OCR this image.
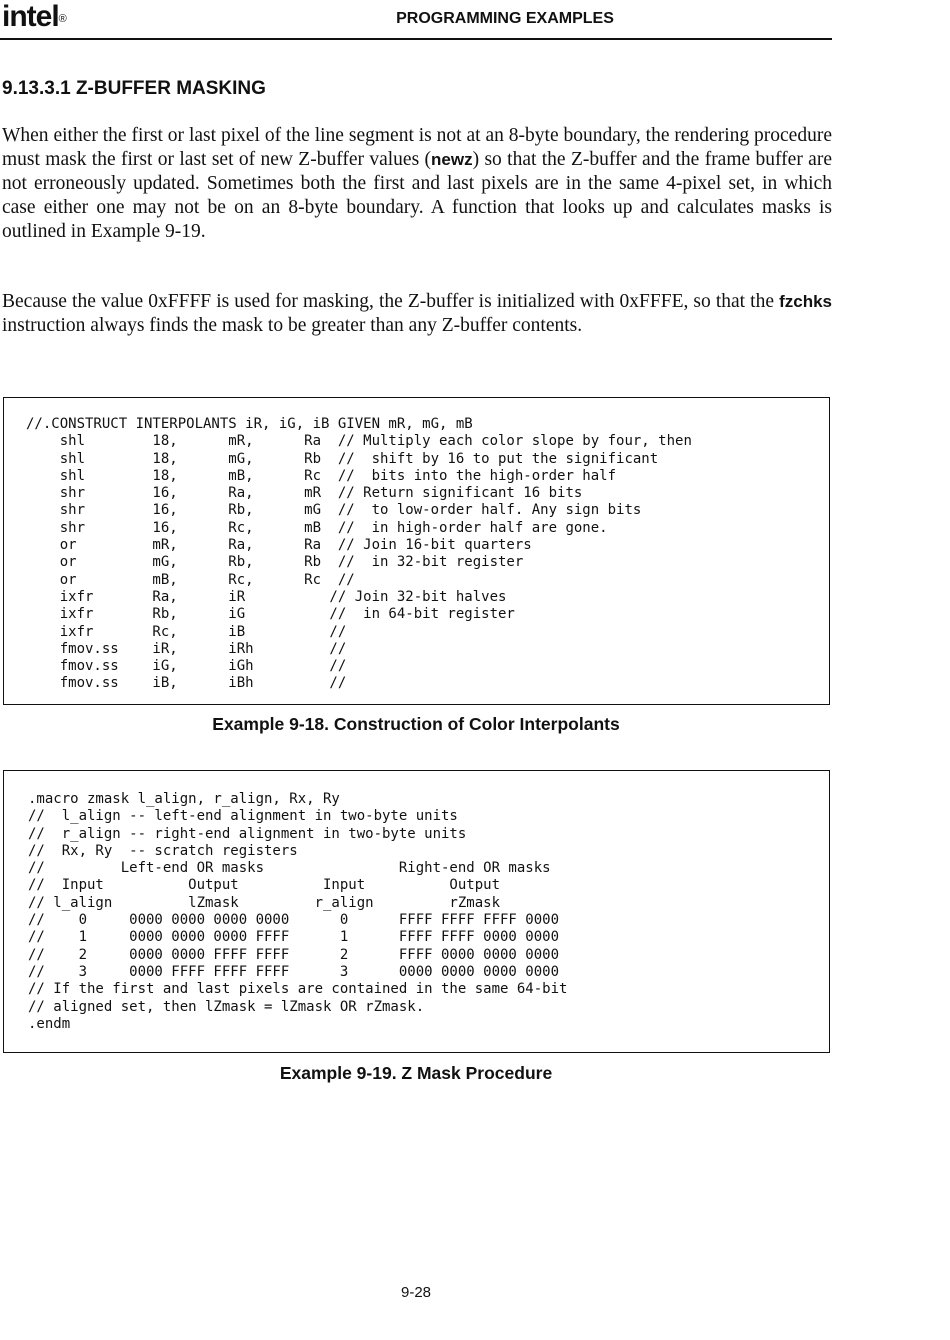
intel®	PROGRAMMING EXAMPLES
9.13.3.1 Z-BUFFER MASKING

When either the first or last pixel of the line segment is not at an 8-byte boundary, the rendering procedure must mask the first or last set of new Z-buffer values (newz) so that the Z-buffer and the frame buffer are not erroneously updated. Sometimes both the first and last pixels are in the same 4-pixel set, in which case either one may not be on an 8-byte boundary. A function that looks up and calculates masks is outlined in Example 9-19.

Because the value 0xFFFF is used for masking, the Z-buffer is initialized with 0xFFFE, so that the fzchks instruction always finds the mask to be greater than any Z-buffer contents.

//.CONSTRUCT INTERPOLANTS iR, iG, iB GIVEN mR, mG, mB
shl        18,      mR,      Ra  // Multiply each color slope by four, then
shl        18,      mG,      Rb  //  shift by 16 to put the significant
shl        18,      mB,      Rc  //  bits into the high-order half
shr        16,      Ra,      mR  // Return significant 16 bits
shr        16,      Rb,      mG  //  to low-order half. Any sign bits
shr        16,      Rc,      mB  //  in high-order half are gone.
or         mR,      Ra,      Ra  // Join 16-bit quarters
or         mG,      Rb,      Rb  //  in 32-bit register
or         mB,      Rc,      Rc  //
ixfr       Ra,      iR          // Join 32-bit halves
ixfr       Rb,      iG          //  in 64-bit register
ixfr       Rc,      iB          //
fmov.ss    iR,      iRh         //
fmov.ss    iG,      iGh         //
fmov.ss    iB,      iBh         //
Example 9-18. Construction of Color Interpolants
.macro zmask l_align, r_align, Rx, Ry
//  l_align -- left-end alignment in two-byte units
//  r_align -- right-end alignment in two-byte units
//  Rx, Ry  -- scratch registers
//         Left-end OR masks                Right-end OR masks
//  Input          Output          Input          Output
// l_align         lZmask         r_align         rZmask
//    0     0000 0000 0000 0000      0      FFFF FFFF FFFF 0000
//    1     0000 0000 0000 FFFF      1      FFFF FFFF 0000 0000
//    2     0000 0000 FFFF FFFF      2      FFFF 0000 0000 0000
//    3     0000 FFFF FFFF FFFF      3      0000 0000 0000 0000
// If the first and last pixels are contained in the same 64-bit
// aligned set, then lZmask = lZmask OR rZmask.
.endm
Example 9-19. Z Mask Procedure
9-28
